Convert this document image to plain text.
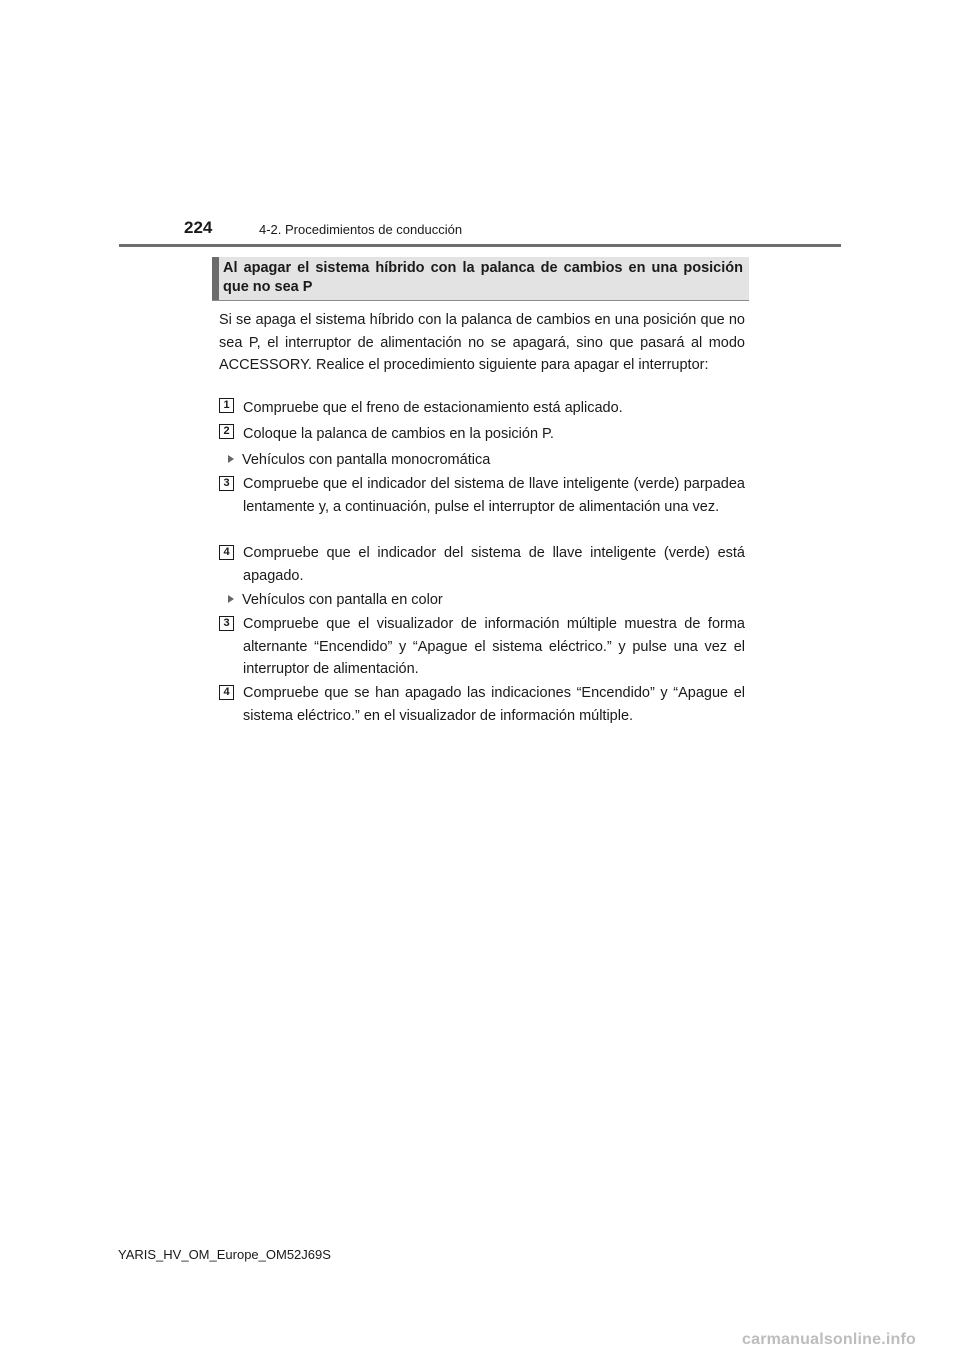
224	4-2. Procedimientos de conducción
Al apagar el sistema híbrido con la palanca de cambios en una posición que no sea P

Si se apaga el sistema híbrido con la palanca de cambios en una posición que no sea P, el interruptor de alimentación no se apagará, sino que pasará al modo ACCESSORY. Realice el procedimiento siguiente para apagar el interruptor:

1 Compruebe que el freno de estacionamiento está aplicado.

2 Coloque la palanca de cambios en la posición P.

Vehículos con pantalla monocromática
3 Compruebe que el indicador del sistema de llave inteligente (verde) parpadea lentamente y, a continuación, pulse el interruptor de alimentación una vez.

4 Compruebe que el indicador del sistema de llave inteligente (verde) está apagado.

Vehículos con pantalla en color
3 Compruebe que el visualizador de información múltiple muestra de forma alternante “Encendido” y “Apague el sistema eléctrico.” y pulse una vez el interruptor de alimentación.

4 Compruebe que se han apagado las indicaciones “Encendido” y “Apague el sistema eléctrico.” en el visualizador de información múltiple.

YARIS_HV_OM_Europe_OM52J69S
carmanualsonline.info
